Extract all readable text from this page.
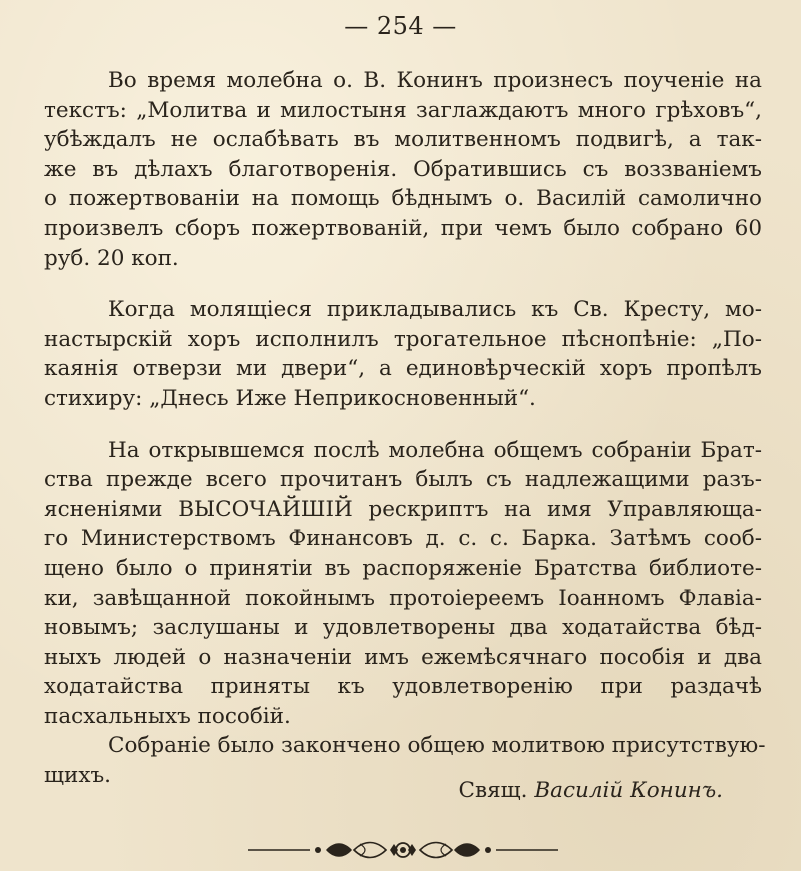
— 254 —

Во время молебна о. В. Конинъ произнесъ поученіе на
текстъ: „Молитва и милостыня заглаждаютъ много грѣховъ“,
убѣждалъ не ослабѣвать въ молитвенномъ подвигѣ, а так-
же въ дѣлахъ благотворенія. Обратившись съ воззваніемъ
о пожертвованіи на помощь бѣднымъ о. Василій самолично
произвелъ сборъ пожертвованій, при чемъ было собрано 60
руб. 20 коп.

Когда молящіеся прикладывались къ Св. Кресту, мо-
настырскій хоръ исполнилъ трогательное пѣснопѣніе: „По-
каянія отверзи ми двери“, а единовѣрческій хоръ пропѣлъ
стихиру: „Днесь Иже Неприкосновенный“.

На открывшемся послѣ молебна общемъ собраніи Брат-
ства прежде всего прочитанъ былъ съ надлежащими разъ-
ясненіями ВЫСОЧАЙШІЙ рескриптъ на имя Управляюща-
го Министерствомъ Финансовъ д. с. с. Барка. Затѣмъ сооб-
щено было о принятіи въ распоряженіе Братства библиоте-
ки, завѣщанной покойнымъ протоіереемъ Іоанномъ Флавіа-
новымъ; заслушаны и удовлетворены два ходатайства бѣд-
ныхъ людей о назначеніи имъ ежемѣсячнаго пособія и два
ходатайства приняты къ удовлетворенію при раздачѣ
пасхальныхъ пособій.

Собраніе было закончено общею молитвою присутствую-
щихъ.

Свящ. Василій Конинъ.
